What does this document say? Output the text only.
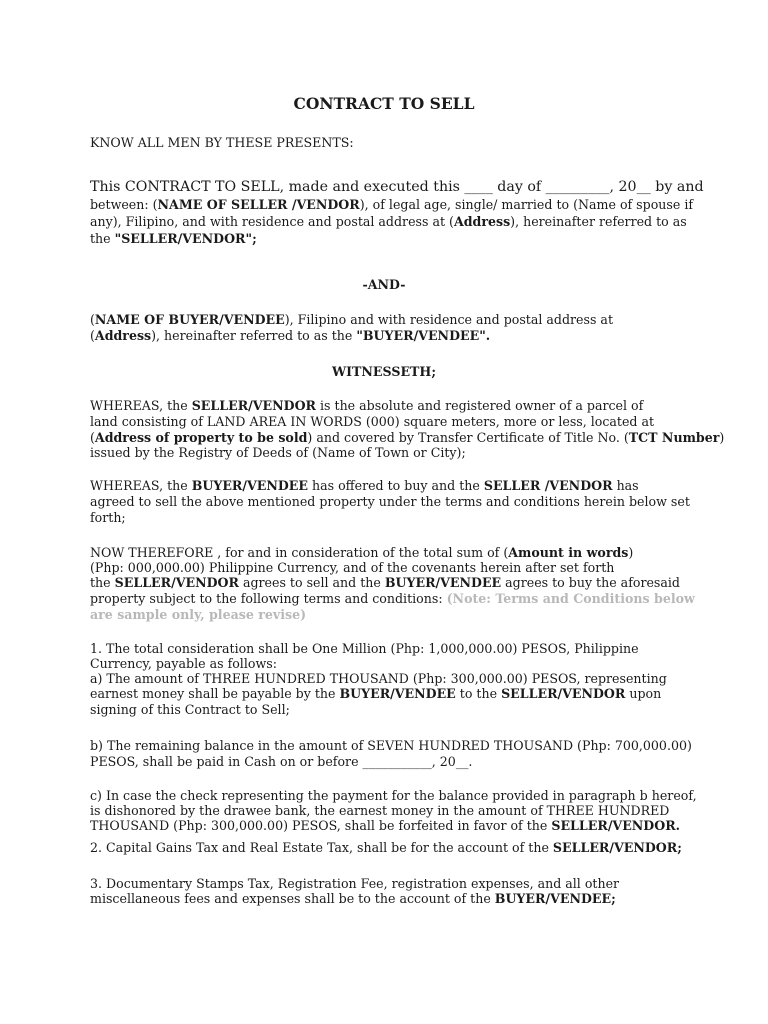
CONTRACT TO SELL
KNOW ALL MEN BY THESE PRESENTS:
This CONTRACT TO SELL, made and executed this ____ day of _________, 20__ by and
between: (NAME OF SELLER /VENDOR), of legal age, single/ married to (Name of spouse if
any), Filipino, and with residence and postal address at (Address), hereinafter referred to as
the "SELLER/VENDOR";
-AND-
(NAME OF BUYER/VENDEE), Filipino and with residence and postal address at
(Address), hereinafter referred to as the "BUYER/VENDEE".
WITNESSETH;
WHEREAS, the SELLER/VENDOR is the absolute and registered owner of a parcel of
land consisting of LAND AREA IN WORDS (000) square meters, more or less, located at
(Address of property to be sold) and covered by Transfer Certificate of Title No. (TCT Number)
issued by the Registry of Deeds of (Name of Town or City);
WHEREAS, the BUYER/VENDEE has offered to buy and the SELLER /VENDOR has
agreed to sell the above mentioned property under the terms and conditions herein below set
forth;
NOW THEREFORE , for and in consideration of the total sum of (Amount in words)
(Php: 000,000.00) Philippine Currency, and of the covenants herein after set forth
the SELLER/VENDOR agrees to sell and the BUYER/VENDEE agrees to buy the aforesaid
property subject to the following terms and conditions: (Note: Terms and Conditions below
are sample only, please revise)
1. The total consideration shall be One Million (Php: 1,000,000.00) PESOS, Philippine
Currency, payable as follows:
a) The amount of THREE HUNDRED THOUSAND (Php: 300,000.00) PESOS, representing
earnest money shall be payable by the BUYER/VENDEE to the SELLER/VENDOR upon
signing of this Contract to Sell;
b) The remaining balance in the amount of SEVEN HUNDRED THOUSAND (Php: 700,000.00)
PESOS, shall be paid in Cash on or before ___________, 20__.
c) In case the check representing the payment for the balance provided in paragraph b hereof,
is dishonored by the drawee bank, the earnest money in the amount of THREE HUNDRED
THOUSAND (Php: 300,000.00) PESOS, shall be forfeited in favor of the SELLER/VENDOR.
2. Capital Gains Tax and Real Estate Tax, shall be for the account of the SELLER/VENDOR;
3. Documentary Stamps Tax, Registration Fee, registration expenses, and all other
miscellaneous fees and expenses shall be to the account of the BUYER/VENDEE;
